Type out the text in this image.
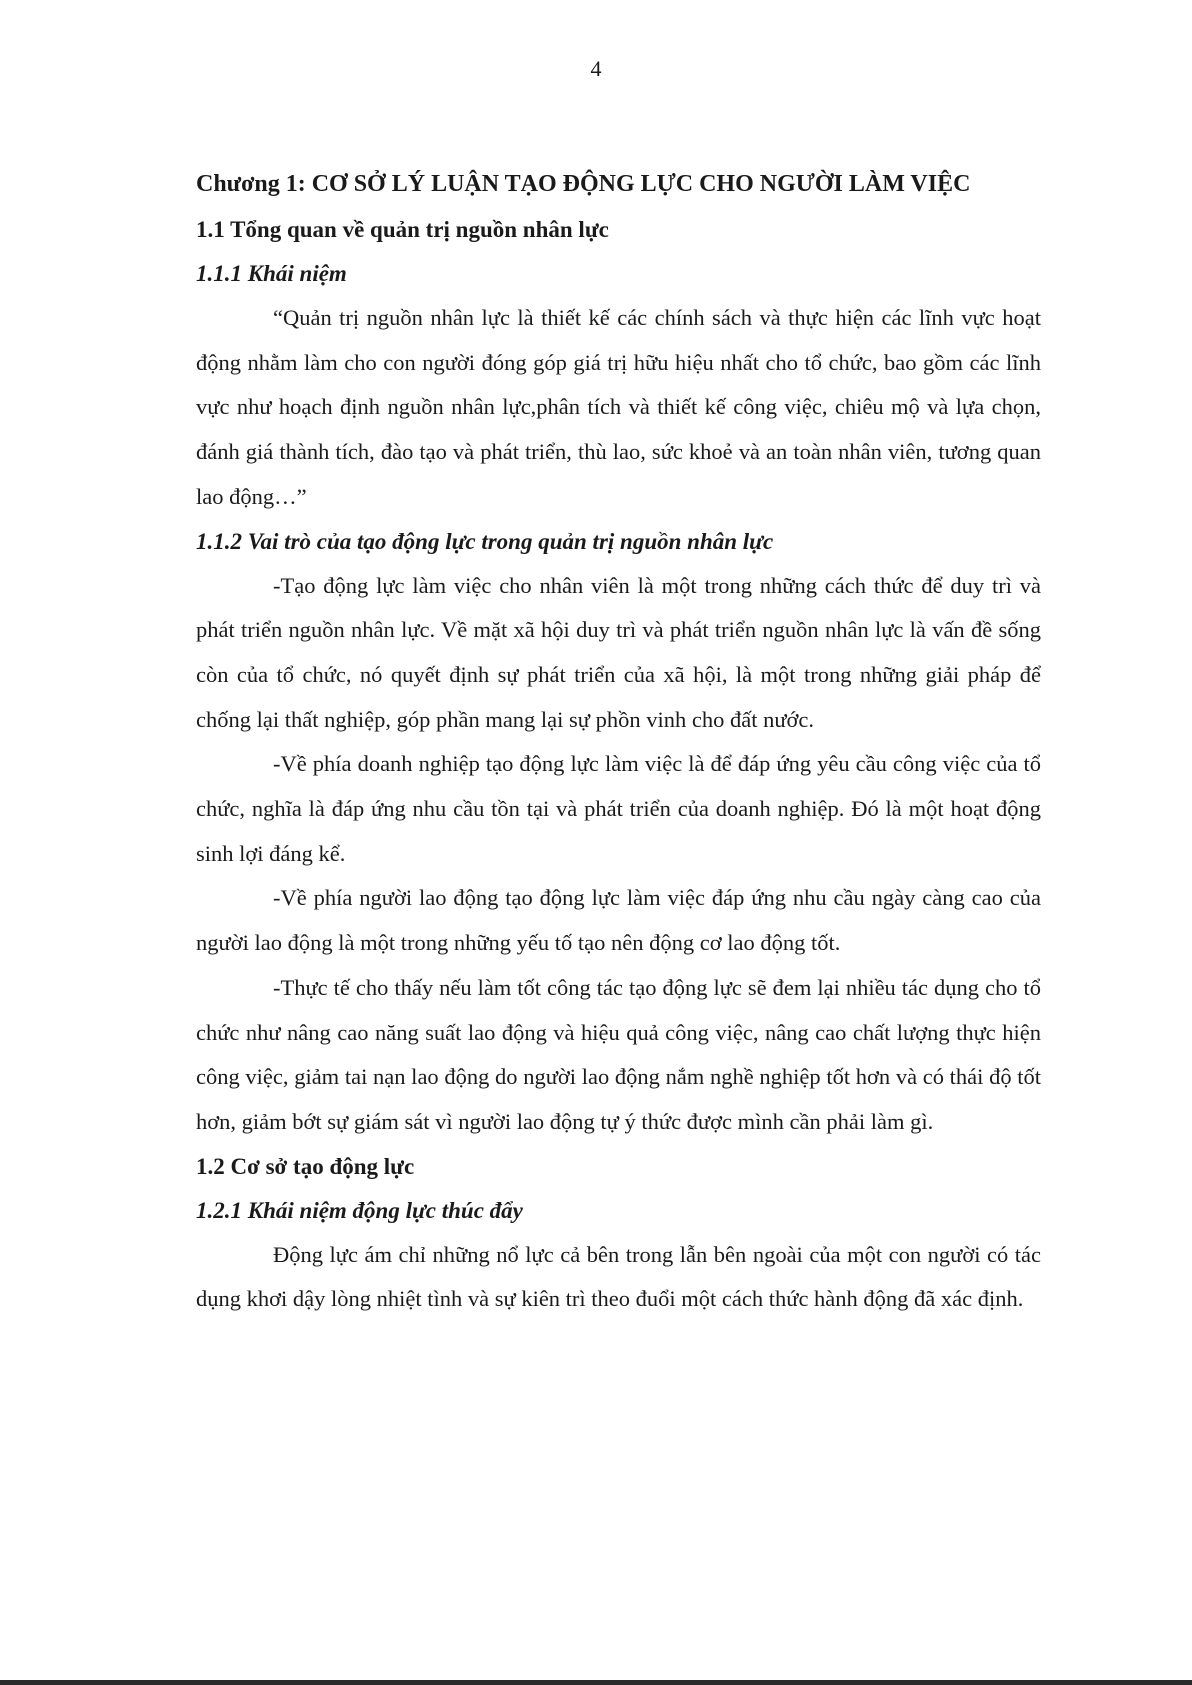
4
Chương 1: CƠ SỞ LÝ LUẬN TẠO ĐỘNG LỰC CHO NGƯỜI LÀM VIỆC
1.1 Tổng quan về quản trị nguồn nhân lực
1.1.1 Khái niệm

“Quản trị nguồn nhân lực là thiết kế các chính sách và thực hiện các lĩnh vực hoạt động nhằm làm cho con người đóng góp giá trị hữu hiệu nhất cho tổ chức, bao gồm các lĩnh vực như hoạch định nguồn nhân lực,phân tích và thiết kế công việc, chiêu mộ và lựa chọn, đánh giá thành tích, đào tạo và phát triển, thù lao, sức khoẻ và an toàn nhân viên, tương quan lao động…”

1.1.2 Vai trò của tạo động lực trong quản trị nguồn nhân lực

-Tạo động lực làm việc cho nhân viên là một trong những cách thức để duy trì và phát triển nguồn nhân lực. Về mặt xã hội duy trì và phát triển nguồn nhân lực là vấn đề sống còn của tổ chức, nó quyết định sự phát triển của xã hội, là một trong những giải pháp để chống lại thất nghiệp, góp phần mang lại sự phồn vinh cho đất nước.

-Về phía doanh nghiệp tạo động lực làm việc là để đáp ứng yêu cầu công việc của tổ chức, nghĩa là đáp ứng nhu cầu tồn tại và phát triển của doanh nghiệp. Đó là một hoạt động sinh lợi đáng kể.

-Về phía người lao động tạo động lực làm việc đáp ứng nhu cầu ngày càng cao của người lao động là một trong những yếu tố tạo nên động cơ lao động tốt.

-Thực tế cho thấy nếu làm tốt công tác tạo động lực sẽ đem lại nhiều tác dụng cho tổ chức như nâng cao năng suất lao động và hiệu quả công việc, nâng cao chất lượng thực hiện công việc, giảm tai nạn lao động do người lao động nắm nghề nghiệp tốt hơn và có thái độ tốt hơn, giảm bớt sự giám sát vì người lao động tự ý thức được mình cần phải làm gì.

1.2 Cơ sở tạo động lực
1.2.1 Khái niệm động lực thúc đẩy

Động lực ám chỉ những nổ lực cả bên trong lẫn bên ngoài của một con người có tác dụng khơi dậy lòng nhiệt tình và sự kiên trì theo đuổi một cách thức hành động đã xác định.
